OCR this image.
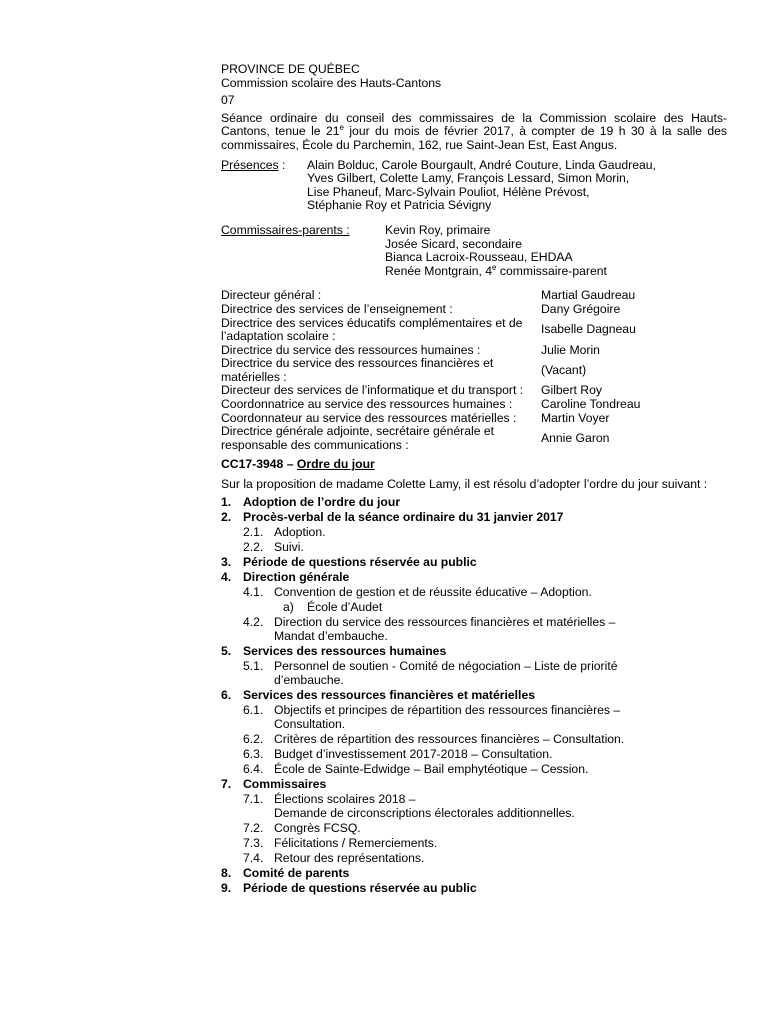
PROVINCE DE QUÉBEC
Commission scolaire des Hauts-Cantons
07
Séance ordinaire du conseil des commissaires de la Commission scolaire des Hauts-Cantons, tenue le 21e jour du mois de février 2017, à compter de 19 h 30 à la salle des commissaires, École du Parchemin, 162, rue Saint-Jean Est, East Angus.
Présences :	Alain Bolduc, Carole Bourgault, André Couture, Linda Gaudreau,
Yves Gilbert, Colette Lamy, François Lessard, Simon Morin,
Lise Phaneuf, Marc-Sylvain Pouliot, Hélène Prévost,
Stéphanie Roy et Patricia Sévigny
Commissaires-parents :	Kevin Roy, primaire
Josée Sicard, secondaire
Bianca Lacroix-Rousseau, EHDAA
Renée Montgrain, 4e commissaire-parent
Directeur général :	Martial Gaudreau
Directrice des services de l’enseignement :	Dany Grégoire
Directrice des services éducatifs complémentaires et de l’adaptation scolaire :	Isabelle Dagneau
Directrice du service des ressources humaines :	Julie Morin
Directrice du service des ressources financières et matérielles :	(Vacant)
Directeur des services de l’informatique et du transport :	Gilbert Roy
Coordonnatrice au service des ressources humaines :	Caroline Tondreau
Coordonnateur au service des ressources matérielles :	Martin Voyer
Directrice générale adjointe, secrétaire générale et responsable des communications :	Annie Garon
CC17-3948 – Ordre du jour
Sur la proposition de madame Colette Lamy, il est résolu d’adopter l’ordre du jour suivant :
1. Adoption de l’ordre du jour
2. Procès-verbal de la séance ordinaire du 31 janvier 2017
2.1. Adoption.
2.2. Suivi.
3. Période de questions réservée au public
4. Direction générale
4.1. Convention de gestion et de réussite éducative – Adoption.
a)	École d’Audet
4.2. Direction du service des ressources financières et matérielles –
Mandat d’embauche.
5. Services des ressources humaines
5.1. Personnel de soutien - Comité de négociation – Liste de priorité
d’embauche.
6. Services des ressources financières et matérielles
6.1. Objectifs et principes de répartition des ressources financières –
Consultation.
6.2. Critères de répartition des ressources financières – Consultation.
6.3. Budget d’investissement 2017-2018 – Consultation.
6.4. École de Sainte-Edwidge – Bail emphytéotique – Cession.
7. Commissaires
7.1. Élections scolaires 2018 –
Demande de circonscriptions électorales additionnelles.
7.2. Congrès FCSQ.
7.3. Félicitations / Remerciements.
7.4. Retour des représentations.
8. Comité de parents
9. Période de questions réservée au public
